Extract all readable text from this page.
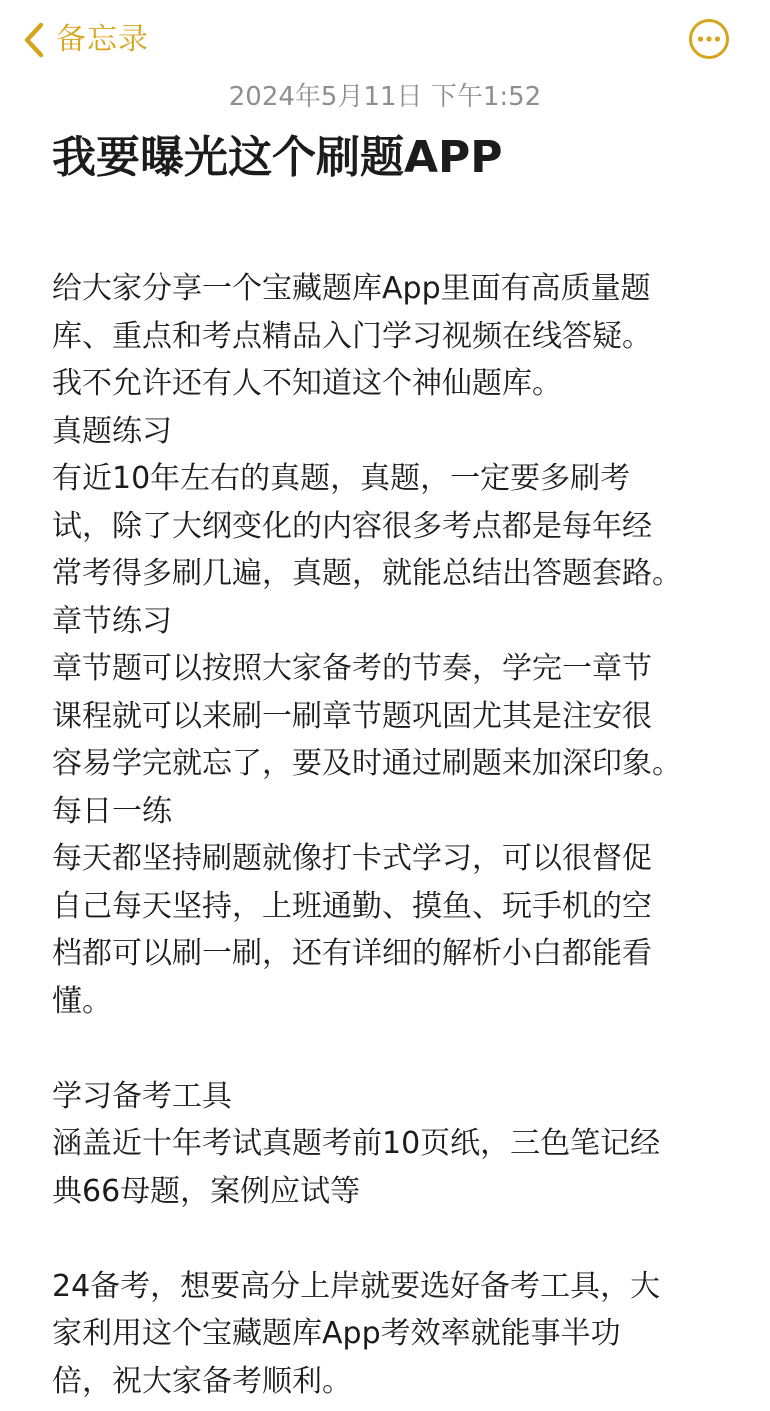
备忘录
2024年5月11日 下午1:52
我要曝光这个刷题APP
给大家分享一个宝藏题库App里面有高质量题
库、重点和考点精品入门学习视频在线答疑。
我不允许还有人不知道这个神仙题库。
真题练习
有近10年左右的真题，真题，一定要多刷考
试，除了大纲变化的内容很多考点都是每年经
常考得多刷几遍，真题，就能总结出答题套路。
章节练习
章节题可以按照大家备考的节奏，学完一章节
课程就可以来刷一刷章节题巩固尤其是注安很
容易学完就忘了，要及时通过刷题来加深印象。
每日一练
每天都坚持刷题就像打卡式学习，可以很督促
自己每天坚持，上班通勤、摸鱼、玩手机的空
档都可以刷一刷，还有详细的解析小白都能看
懂。
学习备考工具
涵盖近十年考试真题考前10页纸，三色笔记经
典66母题，案例应试等
24备考，想要高分上岸就要选好备考工具，大
家利用这个宝藏题库App考效率就能事半功
倍，祝大家备考顺利。
